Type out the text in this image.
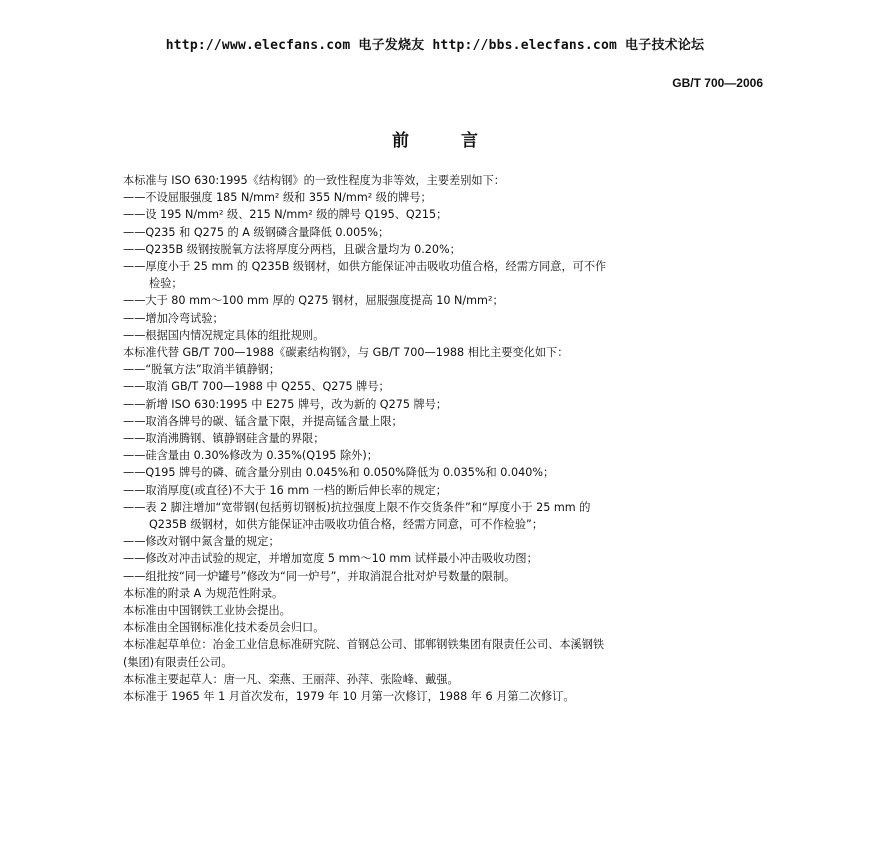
http://www.elecfans.com 电子发烧友 http://bbs.elecfans.com 电子技术论坛
GB/T 700—2006
前言

本标准与 ISO 630:1995《结构钢》的一致性程度为非等效，主要差别如下：

——不设屈服强度 185 N/mm² 级和 355 N/mm² 级的牌号；

——设 195 N/mm² 级、215 N/mm² 级的牌号 Q195、Q215；

——Q235 和 Q275 的 A 级钢磷含量降低 0.005%；

——Q235B 级钢按脱氧方法将厚度分两档，且碳含量均为 0.20%；

——厚度小于 25 mm 的 Q235B 级钢材，如供方能保证冲击吸收功值合格，经需方同意，可不作

检验；

——大于 80 mm～100 mm 厚的 Q275 钢材，屈服强度提高 10 N/mm²；

——增加冷弯试验；

——根据国内情况规定具体的组批规则。

本标准代替 GB/T 700—1988《碳素结构钢》，与 GB/T 700—1988 相比主要变化如下：

——“脱氧方法”取消半镇静钢；

——取消 GB/T 700—1988 中 Q255、Q275 牌号；

——新增 ISO 630:1995 中 E275 牌号，改为新的 Q275 牌号；

——取消各牌号的碳、锰含量下限，并提高锰含量上限；

——取消沸腾钢、镇静钢硅含量的界限；

——硅含量由 0.30%修改为 0.35%(Q195 除外)；

——Q195 牌号的磷、硫含量分别由 0.045%和 0.050%降低为 0.035%和 0.040%；

——取消厚度(或直径)不大于 16 mm 一档的断后伸长率的规定；

——表 2 脚注增加“宽带钢(包括剪切钢板)抗拉强度上限不作交货条件”和“厚度小于 25 mm 的

Q235B 级钢材，如供方能保证冲击吸收功值合格，经需方同意，可不作检验”；

——修改对钢中氮含量的规定；

——修改对冲击试验的规定，并增加宽度 5 mm～10 mm 试样最小冲击吸收功图；

——组批按“同一炉罐号”修改为“同一炉号”，并取消混合批对炉号数量的限制。

本标准的附录 A 为规范性附录。

本标准由中国钢铁工业协会提出。

本标准由全国钢标准化技术委员会归口。

本标准起草单位：冶金工业信息标准研究院、首钢总公司、邯郸钢铁集团有限责任公司、本溪钢铁

(集团)有限责任公司。

本标准主要起草人：唐一凡、栾燕、王丽萍、孙萍、张险峰、戴强。

本标准于 1965 年 1 月首次发布，1979 年 10 月第一次修订，1988 年 6 月第二次修订。
